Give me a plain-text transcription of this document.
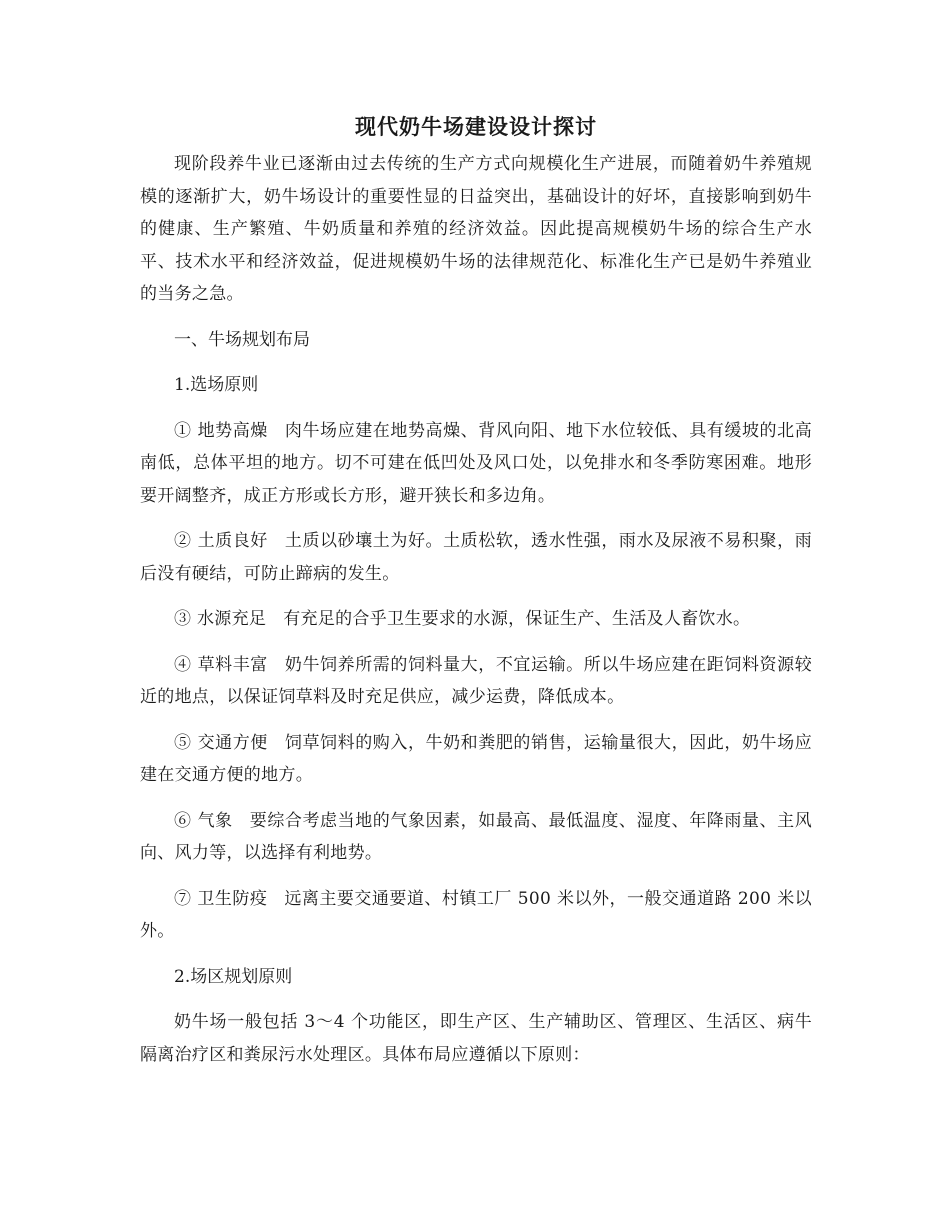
现代奶牛场建设设计探讨

现阶段养牛业已逐渐由过去传统的生产方式向规模化生产进展，而随着奶牛养殖规模的逐渐扩大，奶牛场设计的重要性显的日益突出，基础设计的好坏，直接影响到奶牛的健康、生产繁殖、牛奶质量和养殖的经济效益。因此提高规模奶牛场的综合生产水平、技术水平和经济效益，促进规模奶牛场的法律规范化、标准化生产已是奶牛养殖业的当务之急。

一、牛场规划布局

1.选场原则

① 地势高燥 肉牛场应建在地势高燥、背风向阳、地下水位较低、具有缓坡的北高南低，总体平坦的地方。切不可建在低凹处及风口处，以免排水和冬季防寒困难。地形要开阔整齐，成正方形或长方形，避开狭长和多边角。

② 土质良好 土质以砂壤土为好。土质松软，透水性强，雨水及尿液不易积聚，雨后没有硬结，可防止蹄病的发生。

③ 水源充足 有充足的合乎卫生要求的水源，保证生产、生活及人畜饮水。

④ 草料丰富 奶牛饲养所需的饲料量大，不宜运输。所以牛场应建在距饲料资源较近的地点，以保证饲草料及时充足供应，减少运费，降低成本。

⑤ 交通方便 饲草饲料的购入，牛奶和粪肥的销售，运输量很大，因此，奶牛场应建在交通方便的地方。

⑥ 气象 要综合考虑当地的气象因素，如最高、最低温度、湿度、年降雨量、主风向、风力等，以选择有利地势。

⑦ 卫生防疫 远离主要交通要道、村镇工厂 500 米以外，一般交通道路 200 米以外。

2.场区规划原则

奶牛场一般包括 3～4 个功能区，即生产区、生产辅助区、管理区、生活区、病牛隔离治疗区和粪尿污水处理区。具体布局应遵循以下原则：
